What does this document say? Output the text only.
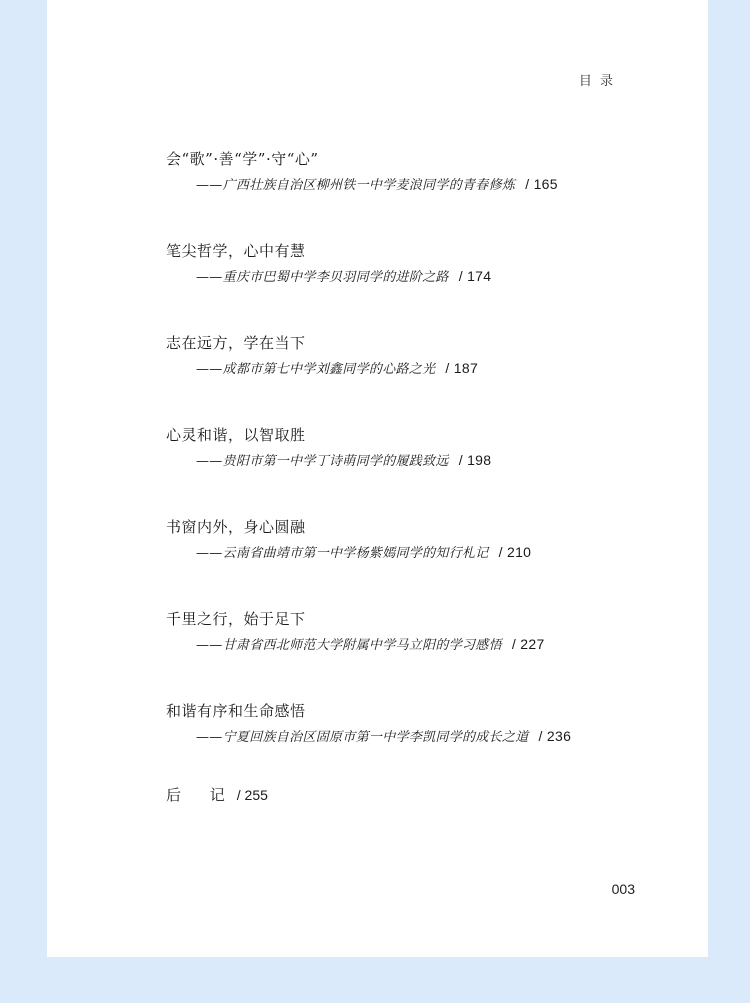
目 录
会“歌”·善“学”·守“心”
——广西壮族自治区柳州铁一中学麦浪同学的青春修炼 / 165
笔尖哲学，心中有慧
——重庆市巴蜀中学李贝羽同学的进阶之路 / 174
志在远方，学在当下
——成都市第七中学刘鑫同学的心路之光 / 187
心灵和谐，以智取胜
——贵阳市第一中学丁诗萌同学的履践致远 / 198
书窗内外，身心圆融
——云南省曲靖市第一中学杨紫嫣同学的知行札记 / 210
千里之行，始于足下
——甘肃省西北师范大学附属中学马立阳的学习感悟 / 227
和谐有序和生命感悟
——宁夏回族自治区固原市第一中学李凯同学的成长之道 / 236
后 记/ 255
003
